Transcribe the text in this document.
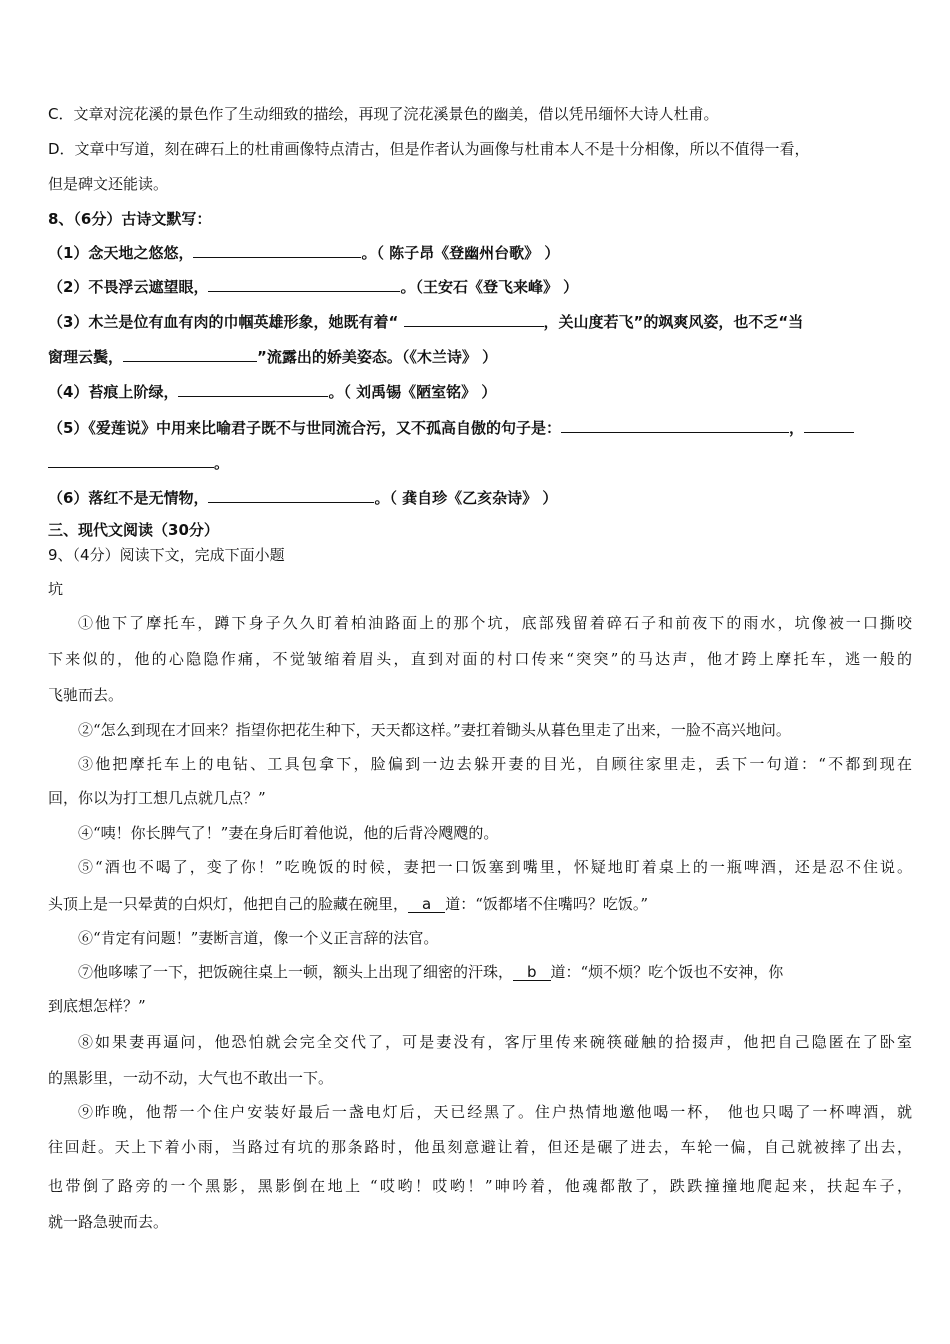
C．文章对浣花溪的景色作了生动细致的描绘，再现了浣花溪景色的幽美，借以凭吊缅怀大诗人杜甫。
D．文章中写道，刻在碑石上的杜甫画像特点清古，但是作者认为画像与杜甫本人不是十分相像，所以不值得一看，
但是碑文还能读。
8、（6分）古诗文默写：
（1）念天地之悠悠，	。（ 陈子昂《登幽州台歌》 ）
（2）不畏浮云遮望眼，	。（王安石《登飞来峰》 ）
（3）木兰是位有血有肉的巾帼英雄形象，她既有着“	，关山度若飞”的飒爽风姿，也不乏“当
窗理云鬓，	”流露出的娇美姿态。（《木兰诗》 ）
（4）苔痕上阶绿，	。（ 刘禹锡《陋室铭》 ）
（5）《爱莲说》中用来比喻君子既不与世同流合污，又不孤高自傲的句子是：	，
。
（6）落红不是无情物，	。（ 龚自珍《乙亥杂诗》 ）
三、现代文阅读（30分）
9、（4分）阅读下文，完成下面小题
坑
①他下了摩托车，蹲下身子久久盯着柏油路面上的那个坑，底部残留着碎石子和前夜下的雨水，坑像被一口撕咬
下来似的，他的心隐隐作痛，不觉皱缩着眉头，直到对面的村口传来“突突”的马达声，他才跨上摩托车，逃一般的
飞驰而去。
②“怎么到现在才回来？指望你把花生种下，天天都这样。”妻扛着锄头从暮色里走了出来，一脸不高兴地问。
③他把摩托车上的电钻、工具包拿下，脸偏到一边去躲开妻的目光，自顾往家里走，丢下一句道：“不都到现在
回，你以为打工想几点就几点？”
④“咦！你长脾气了！”妻在身后盯着他说，他的后背冷飕飕的。
⑤“酒也不喝了，变了你！”吃晚饭的时候，妻把一口饭塞到嘴里，怀疑地盯着桌上的一瓶啤酒，还是忍不住说。
头顶上是一只晕黄的白炽灯，他把自己的脸藏在碗里， a 道：“饭都堵不住嘴吗？吃饭。”
⑥“肯定有问题！”妻断言道，像一个义正言辞的法官。
⑦他哆嗦了一下，把饭碗往桌上一顿，额头上出现了细密的汗珠， b 道：“烦不烦？吃个饭也不安神，你
到底想怎样？”
⑧如果妻再逼问，他恐怕就会完全交代了，可是妻没有，客厅里传来碗筷碰触的拾掇声，他把自己隐匿在了卧室
的黑影里，一动不动，大气也不敢出一下。
⑨昨晚，他帮一个住户安装好最后一盏电灯后，天已经黑了。住户热情地邀他喝一杯， 他也只喝了一杯啤酒，就
往回赶。天上下着小雨，当路过有坑的那条路时，他虽刻意避让着，但还是碾了进去，车轮一偏，自己就被摔了出去，
也带倒了路旁的一个黑影，黑影倒在地上 “哎哟！哎哟！”呻吟着，他魂都散了，跌跌撞撞地爬起来，扶起车子，
就一路急驶而去。
